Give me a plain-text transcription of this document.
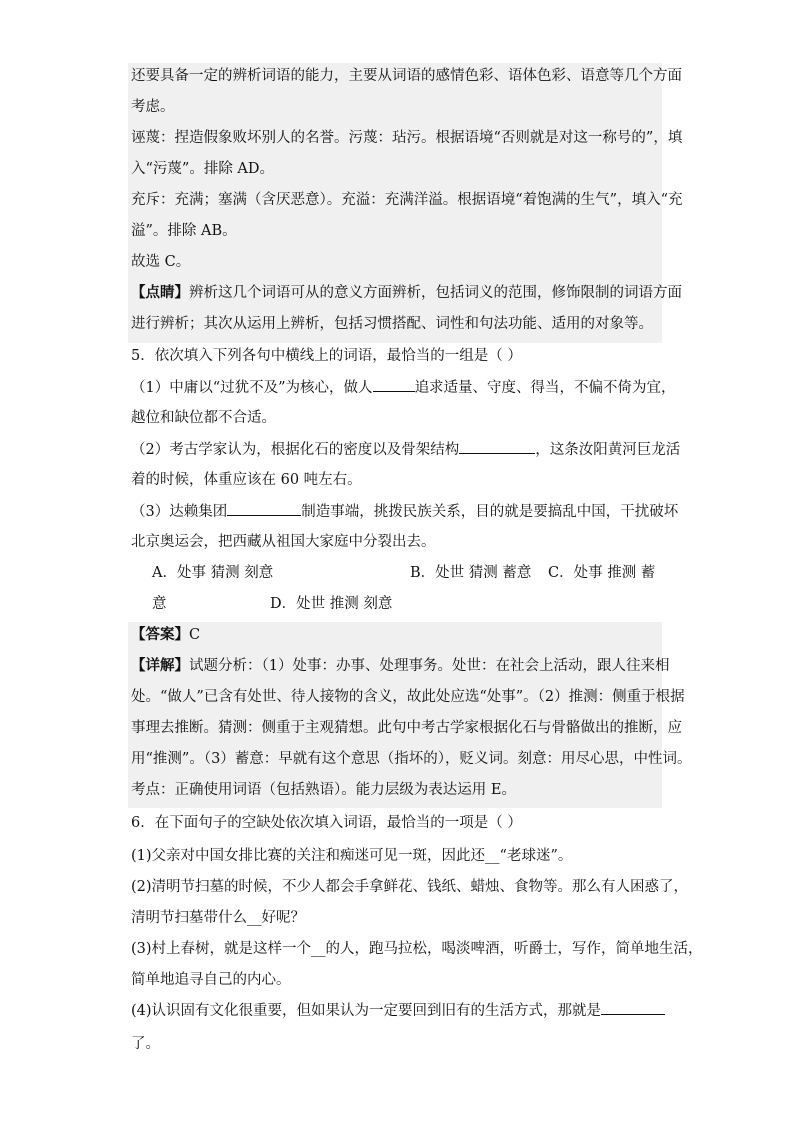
还要具备一定的辨析词语的能力，主要从词语的感情色彩、语体色彩、语意等几个方面
考虑。
诬蔑：捏造假象败坏别人的名誉。污蔑：玷污。根据语境“否则就是对这一称号的”，填
入“污蔑”。排除 AD。
充斥：充满；塞满（含厌恶意）。充溢：充满洋溢。根据语境“着饱满的生气”，填入“充
溢”。排除 AB。
故选 C。
【点睛】辨析这几个词语可从的意义方面辨析，包括词义的范围，修饰限制的词语方面
进行辨析；其次从运用上辨析，包括习惯搭配、词性和句法功能、适用的对象等。
5．依次填入下列各句中横线上的词语，最恰当的一组是（ ）
（1）中庸以“过犹不及”为核心，做人	追求适量、守度、得当，不偏不倚为宜，
越位和缺位都不合适。
（2）考古学家认为，根据化石的密度以及骨架结构	，这条汝阳黄河巨龙活
着的时候，体重应该在 60 吨左右。
（3）达赖集团	制造事端，挑拨民族关系，目的就是要搞乱中国，干扰破坏
北京奥运会，把西藏从祖国大家庭中分裂出去。
A．处事 猜测 刻意	B．处世 猜测 蓄意 C．处事 推测 蓄
意	D．处世 推测 刻意
【答案】C
【详解】试题分析：（1）处事：办事、处理事务。处世：在社会上活动，跟人往来相
处。“做人”已含有处世、待人接物的含义，故此处应选“处事”。（2）推测：侧重于根据
事理去推断。猜测：侧重于主观猜想。此句中考古学家根据化石与骨骼做出的推断，应
用“推测”。（3）蓄意：早就有这个意思（指坏的），贬义词。刻意：用尽心思，中性词。
考点：正确使用词语（包括熟语）。能力层级为表达运用 E。
6．在下面句子的空缺处依次填入词语，最恰当的一项是（ ）
(1)父亲对中国女排比赛的关注和痴迷可见一斑，因此还__“老球迷”。
(2)清明节扫墓的时候，不少人都会手拿鲜花、钱纸、蜡烛、食物等。那么有人困惑了，
清明节扫墓带什么__好呢？
(3)村上春树，就是这样一个__的人，跑马拉松，喝淡啤酒，听爵士，写作，简单地生活，
简单地追寻自己的内心。
(4)认识固有文化很重要，但如果认为一定要回到旧有的生活方式，那就是
了。
